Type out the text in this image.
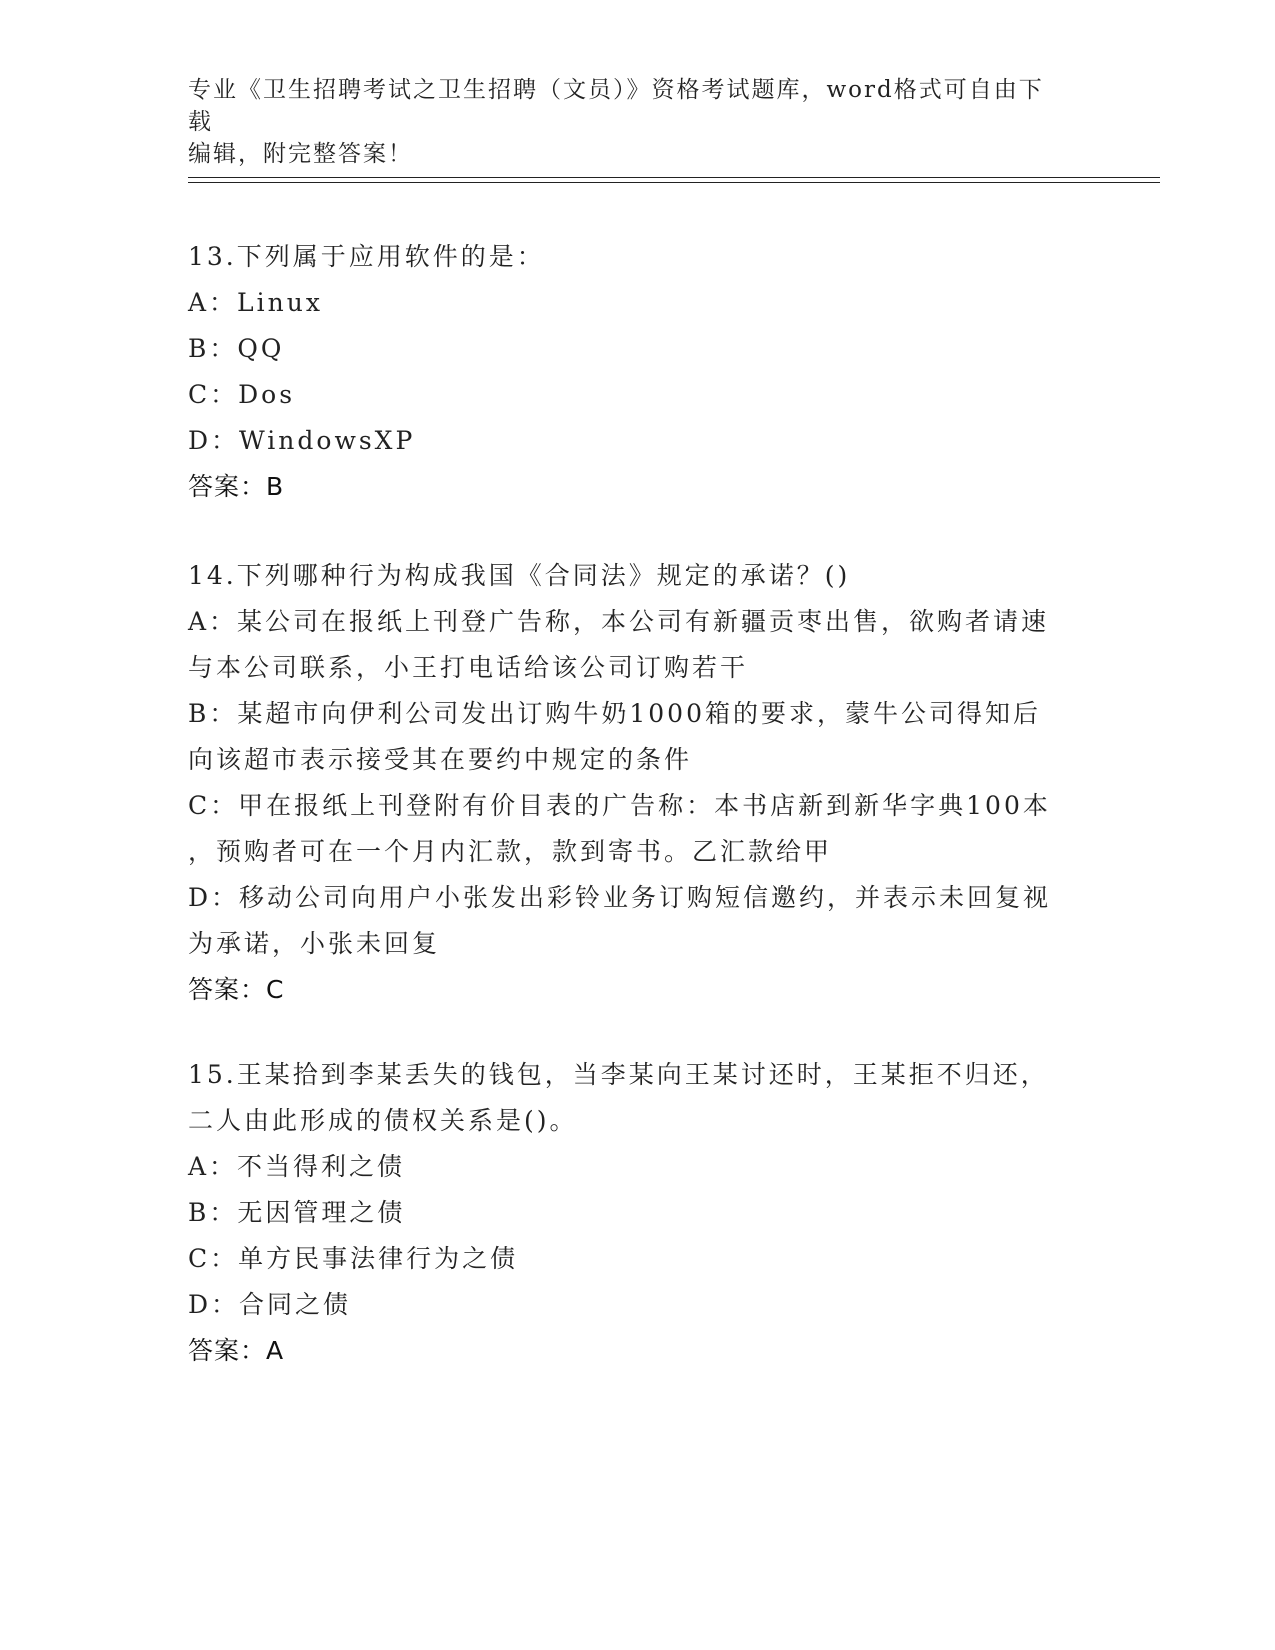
专业《卫生招聘考试之卫生招聘（文员）》资格考试题库，word格式可自由下载
编辑，附完整答案！
13.下列属于应用软件的是：
A：Linux
B：QQ
C：Dos
D：WindowsXP
答案：B
14.下列哪种行为构成我国《合同法》规定的承诺？()
A：某公司在报纸上刊登广告称，本公司有新疆贡枣出售，欲购者请速
与本公司联系，小王打电话给该公司订购若干
B：某超市向伊利公司发出订购牛奶1000箱的要求，蒙牛公司得知后
向该超市表示接受其在要约中规定的条件
C：甲在报纸上刊登附有价目表的广告称：本书店新到新华字典100本
，预购者可在一个月内汇款，款到寄书。乙汇款给甲
D：移动公司向用户小张发出彩铃业务订购短信邀约，并表示未回复视
为承诺，小张未回复
答案：C
15.王某拾到李某丢失的钱包，当李某向王某讨还时，王某拒不归还，
二人由此形成的债权关系是()。
A：不当得利之债
B：无因管理之债
C：单方民事法律行为之债
D：合同之债
答案：A
